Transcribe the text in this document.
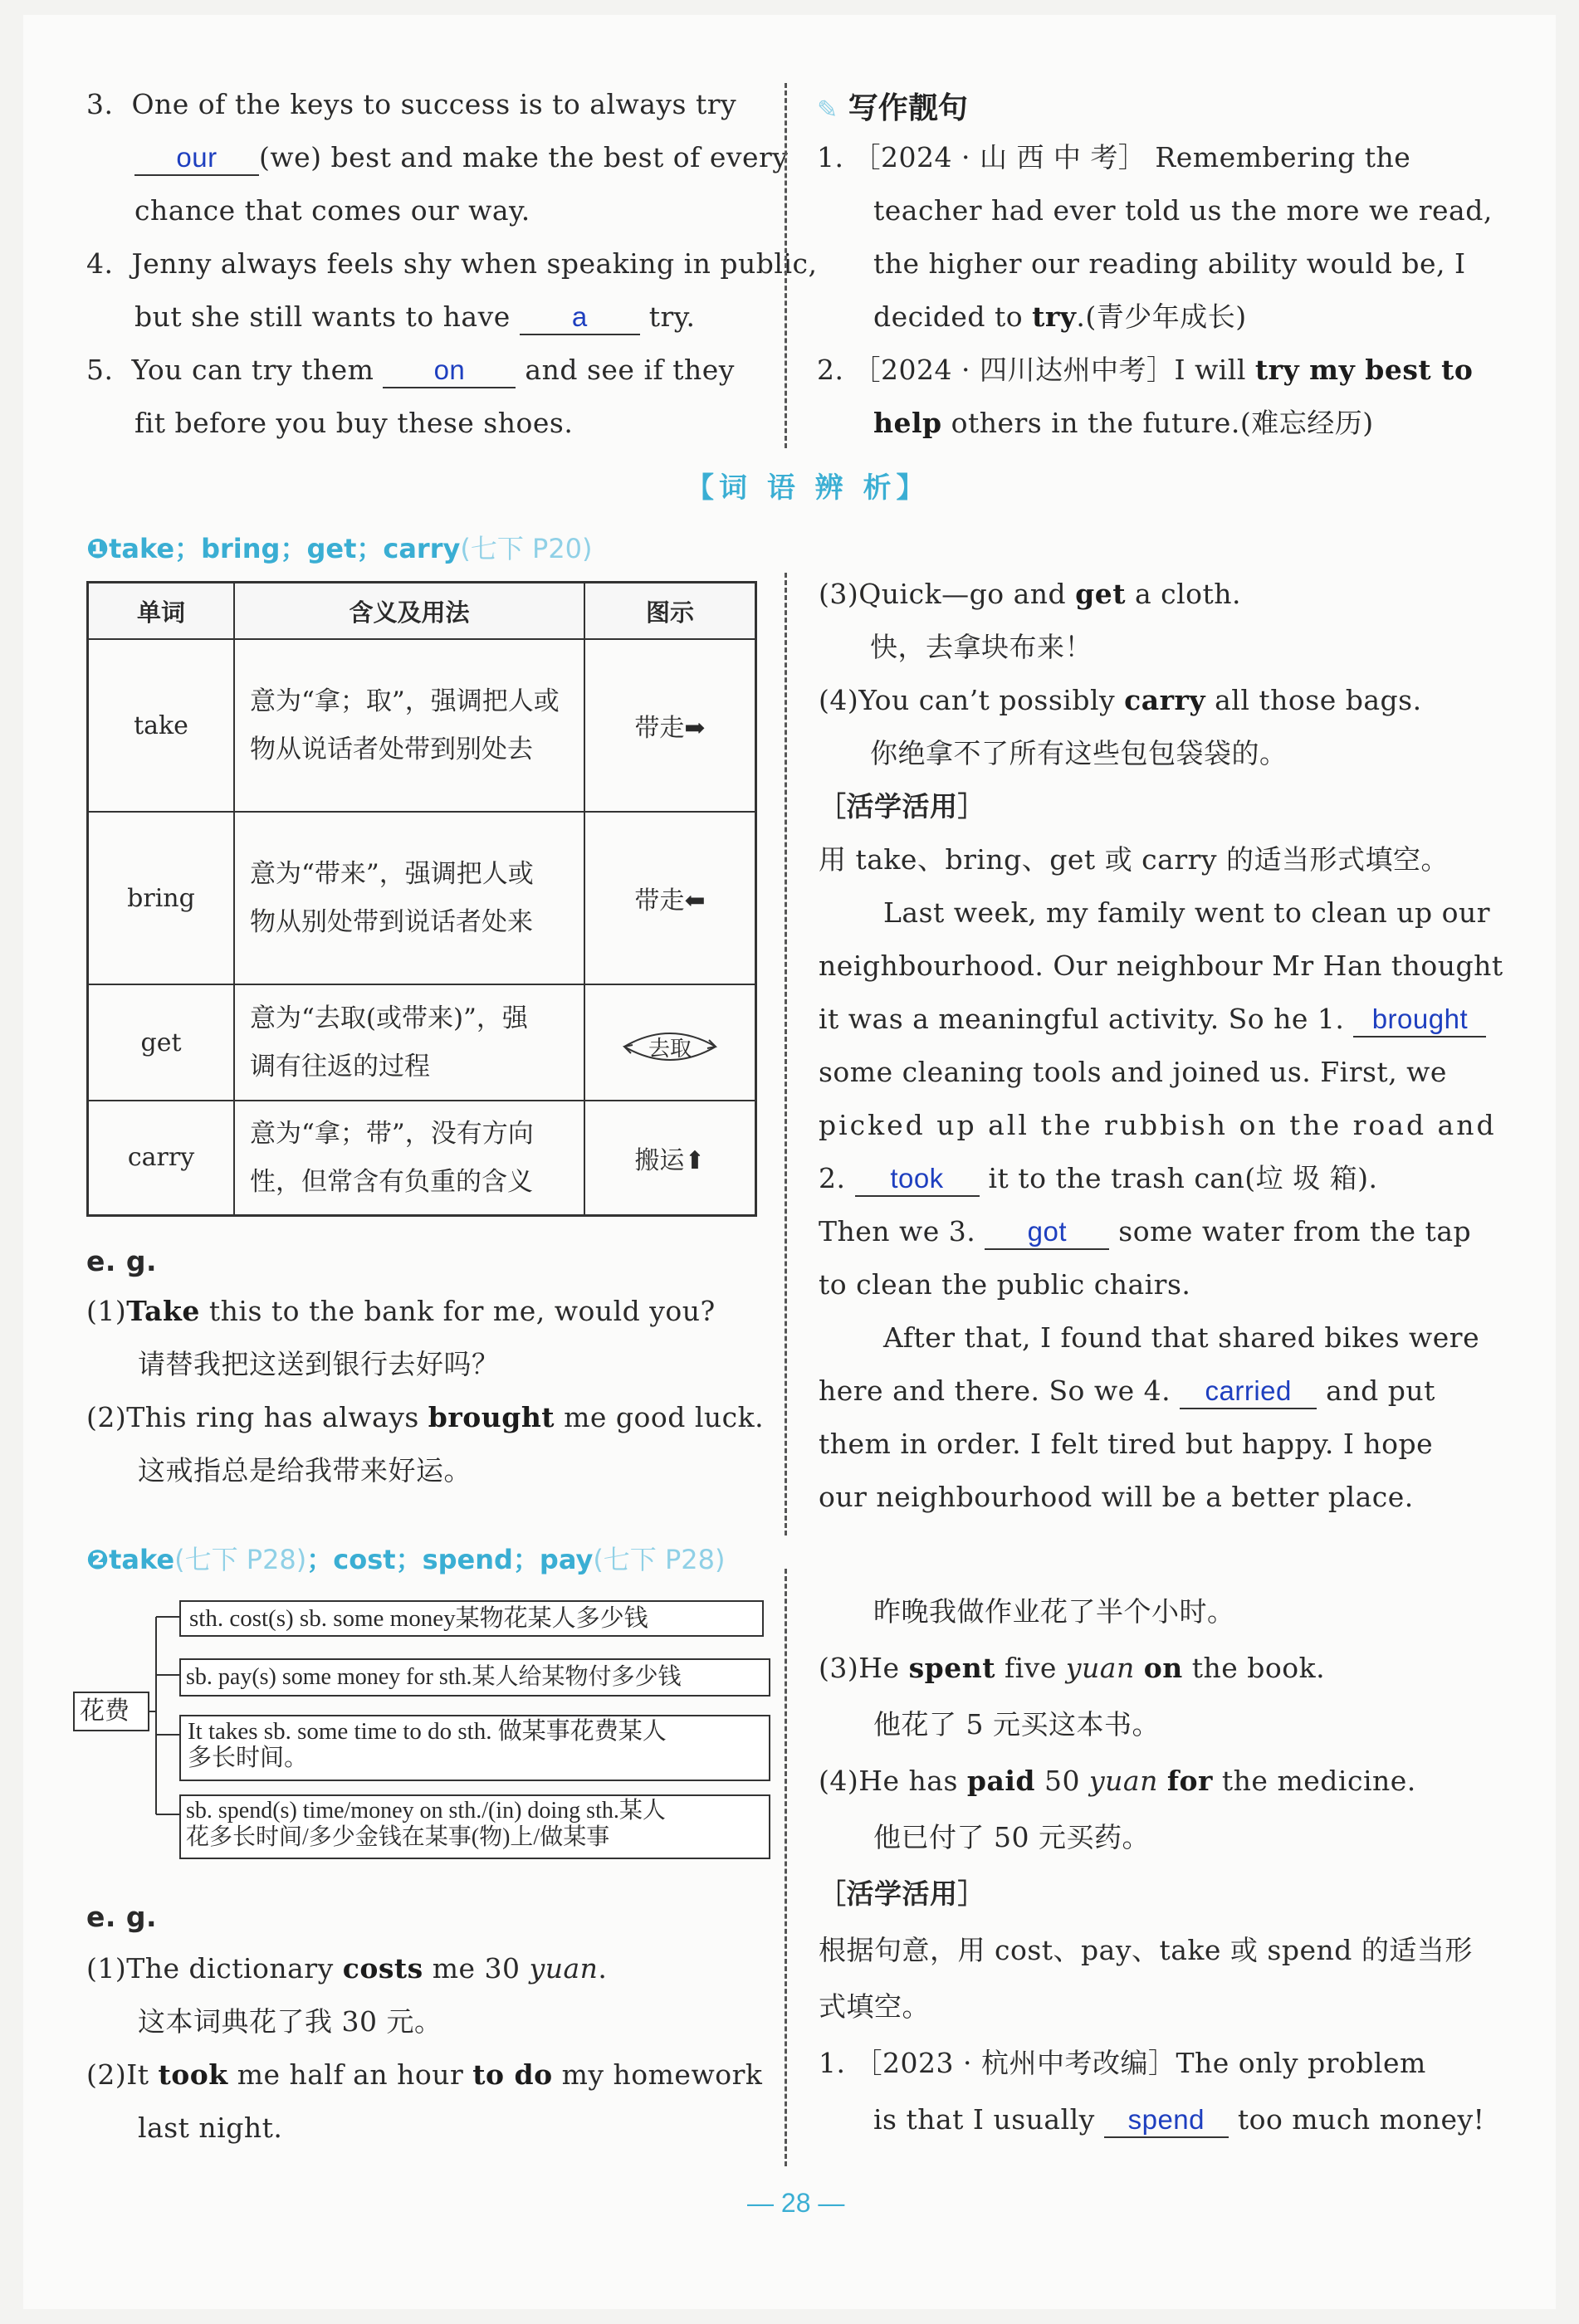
3. One of the keys to success is to always try
our (we) best and make the best of every
chance that comes our way.
4. Jenny always feels shy when speaking in public,
but she still wants to have a try.
5. You can try them on and see if they
fit before you buy these shoes.
✎ 写作靓句
1. ［2024 · 山 西 中 考］ Remembering the
teacher had ever told us the more we read,
the higher our reading ability would be, I
decided to try.(青少年成长)
2. ［2024 · 四川达州中考］I will try my best to
help others in the future.(难忘经历)
【词 语 辨 析】
❶take；bring；get；carry(七下 P20)
单词	含义及用法	图示
take	意为“拿；取”，强调把人或
物从说话者处带到别处去	带走➡
bring	意为“带来”，强调把人或
物从别处带到说话者处来	带走⬅
get	意为“去取(或带来)”，强
调有往返的过程	去取

carry	意为“拿；带”，没有方向
性，但常含有负重的含义	搬运⬆
e. g.
(1)Take this to the bank for me, would you?
请替我把这送到银行去好吗？
(2)This ring has always brought me good luck.
这戒指总是给我带来好运。
(3)Quick—go and get a cloth.
快，去拿块布来！
(4)You can’t possibly carry all those bags.
你绝拿不了所有这些包包袋袋的。
［活学活用］
用 take、bring、get 或 carry 的适当形式填空。
Last week, my family went to clean up our
neighbourhood. Our neighbour Mr Han thought
it was a meaningful activity. So he 1. brought
some cleaning tools and joined us. First, we
picked up all the rubbish on the road and
2. took it to the trash can(垃 圾 箱).
Then we 3. got some water from the tap
to clean the public chairs.
After that, I found that shared bikes were
here and there. So we 4. carried and put
them in order. I felt tired but happy. I hope
our neighbourhood will be a better place.
❷take(七下 P28)；cost；spend；pay(七下 P28)
花费
sth. cost(s) sb. some money某物花某人多少钱
sb. pay(s) some money for sth.某人给某物付多少钱
It takes sb. some time to do sth. 做某事花费某人
多长时间。
sb. spend(s) time/money on sth./(in) doing sth.某人
花多长时间/多少金钱在某事(物)上/做某事
e. g.
(1)The dictionary costs me 30 yuan.
这本词典花了我 30 元。
(2)It took me half an hour to do my homework
last night.
昨晚我做作业花了半个小时。
(3)He spent five yuan on the book.
他花了 5 元买这本书。
(4)He has paid 50 yuan for the medicine.
他已付了 50 元买药。
［活学活用］
根据句意，用 cost、pay、take 或 spend 的适当形
式填空。
1. ［2023 · 杭州中考改编］The only problem
is that I usually spend too much money!
— 28 —
